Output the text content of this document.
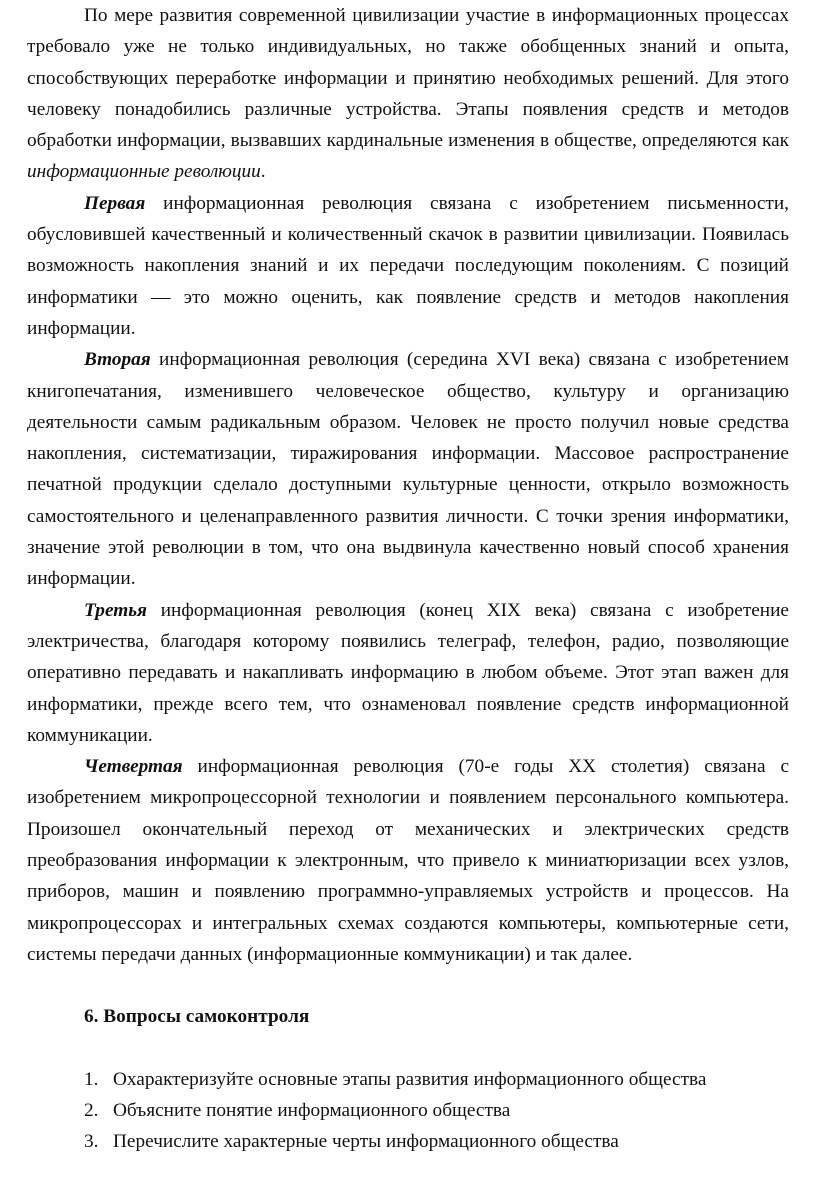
По мере развития современной цивилизации участие в информационных процессах требовало уже не только индивидуальных, но также обобщенных знаний и опыта, способствующих переработке информации и принятию необходимых решений. Для этого человеку понадобились различные устройства. Этапы появления средств и методов обработки информации, вызвавших кардинальные изменения в обществе, определяются как информационные революции.

Первая информационная революция связана с изобретением письменности, обусловившей качественный и количественный скачок в развитии цивилизации. Появилась возможность накопления знаний и их передачи последующим поколениям. С позиций информатики — это можно оценить, как появление средств и методов накопления информации.

Вторая информационная революция (середина XVI века) связана с изобретением книгопечатания, изменившего человеческое общество, культуру и организацию деятельности самым радикальным образом. Человек не просто получил новые средства накопления, систематизации, тиражирования информации. Массовое распространение печатной продукции сделало доступными культурные ценности, открыло возможность самостоятельного и целенаправленного развития личности. С точки зрения информатики, значение этой революции в том, что она выдвинула качественно новый способ хранения информации.

Третья информационная революция (конец XIX века) связана с изобретение электричества, благодаря которому появились телеграф, телефон, радио, позволяющие оперативно передавать и накапливать информацию в любом объеме. Этот этап важен для информатики, прежде всего тем, что ознаменовал появление средств информационной коммуникации.

Четвертая информационная революция (70-е годы XX столетия) связана с изобретением микропроцессорной технологии и появлением персонального компьютера. Произошел окончательный переход от механических и электрических средств преобразования информации к электронным, что привело к миниатюризации всех узлов, приборов, машин и появлению программно-управляемых устройств и процессов. На микропроцессорах и интегральных схемах создаются компьютеры, компьютерные сети, системы передачи данных (информационные коммуникации) и так далее.

6. Вопросы самоконтроля
1. Охарактеризуйте основные этапы развития информационного общества
2. Объясните понятие информационного общества
3. Перечислите характерные черты информационного общества
